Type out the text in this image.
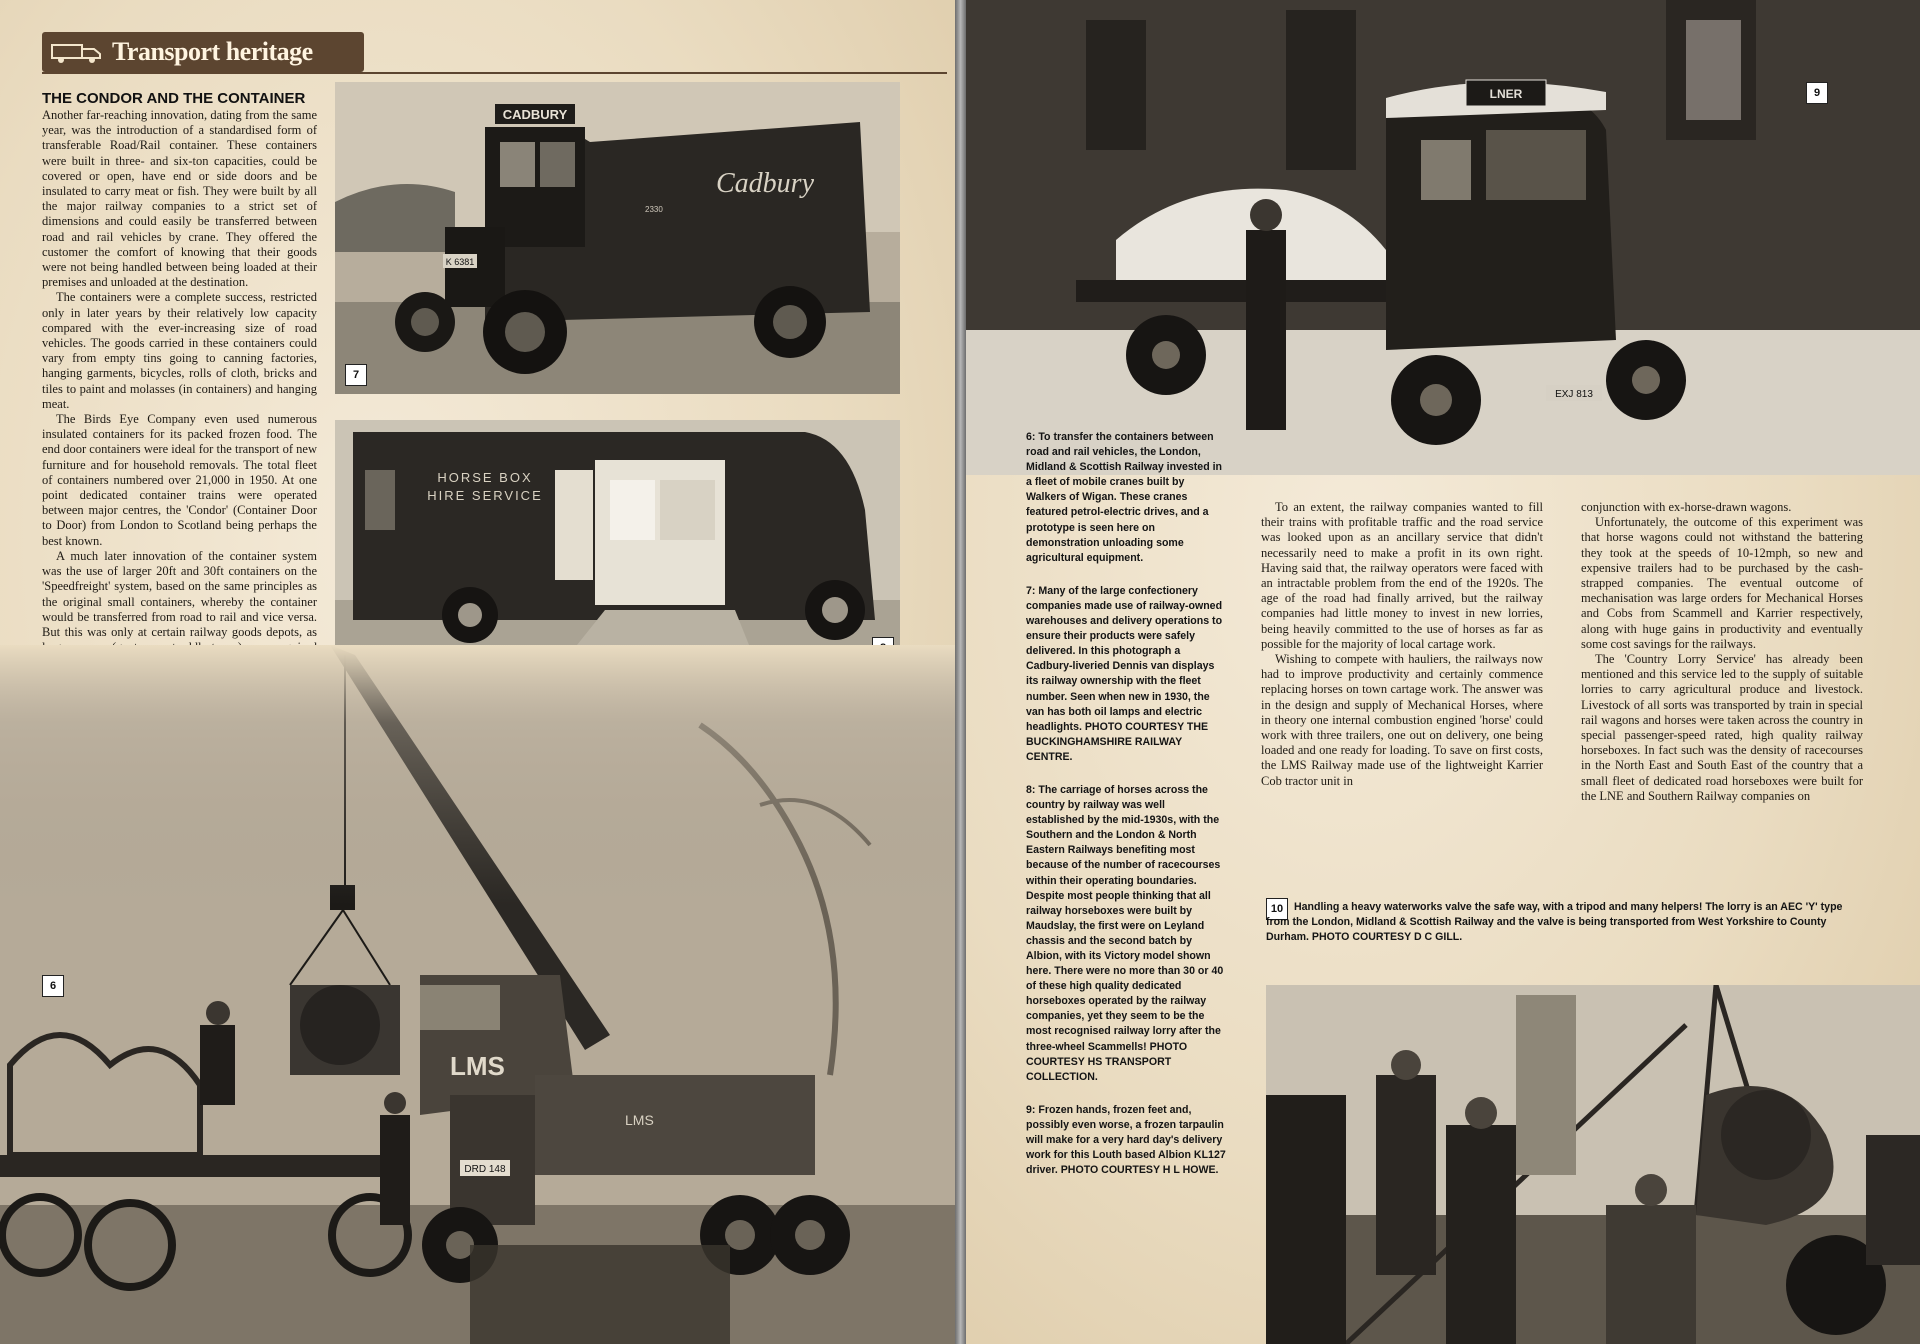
Transport heritage
THE CONDOR AND THE CONTAINER

Another far-reaching innovation, dating from the same year, was the introduction of a standardised form of transferable Road/Rail container. These containers were built in three- and six-ton capacities, could be covered or open, have end or side doors and be insulated to carry meat or fish. They were built by all the major railway companies to a strict set of dimensions and could easily be transferred between road and rail vehicles by crane. They offered the customer the comfort of knowing that their goods were not being handled between being loaded at their premises and unloaded at the destination.

The containers were a complete success, restricted only in later years by their relatively low capacity compared with the ever-increasing size of road vehicles. The goods carried in these containers could vary from empty tins going to canning factories, hanging garments, bicycles, rolls of cloth, bricks and tiles to paint and molasses (in containers) and hanging meat.

The Birds Eye Company even used numerous insulated containers for its packed frozen food. The end door containers were ideal for the transport of new furniture and for household removals. The total fleet of containers numbered over 21,000 in 1950. At one point dedicated container trains were operated between major centres, the 'Condor' (Container Door to Door) from London to Scotland being perhaps the best known.

A much later innovation of the container system was the use of larger 20ft and 30ft containers on the 'Speedfreight' system, based on the same principles as the original small containers, whereby the container would be transferred from road to rail and vice versa. But this was only at certain railway goods depots, as

CADBURY
Cadbury
2330
K 6381
7
HORSE BOX
HIRE SERVICE
LMS
DRD 148
LMS
6
LNER
EXJ 813
9

6: To transfer the containers between road and rail vehicles, the London, Midland & Scottish Railway invested in a fleet of mobile cranes built by Walkers of Wigan. These cranes featured petrol-electric drives, and a prototype is seen here on demonstration unloading some agricultural equipment.

7: Many of the large confectionery companies made use of railway-owned warehouses and delivery operations to ensure their products were safely delivered. In this photograph a Cadbury-liveried Dennis van displays its railway ownership with the fleet number. Seen when new in 1930, the van has both oil lamps and electric headlights. PHOTO COURTESY THE BUCKINGHAMSHIRE RAILWAY CENTRE.

8: The carriage of horses across the country by railway was well established by the mid-1930s, with the Southern and the London & North Eastern Railways benefiting most because of the number of racecourses within their operating boundaries. Despite most people thinking that all railway horseboxes were built by Maudslay, the first were on Leyland chassis and the second batch by Albion, with its Victory model shown here. There were no more than 30 or 40 of these high quality dedicated horseboxes operated by the railway companies, yet they seem to be the most recognised railway lorry after the three-wheel Scammells! PHOTO COURTESY HS TRANSPORT COLLECTION.

9: Frozen hands, frozen feet and, possibly even worse, a frozen tarpaulin will make for a very hard day's delivery work for this Louth based Albion KL127 driver. PHOTO COURTESY H L HOWE.

To an extent, the railway companies wanted to fill their trains with profitable traffic and the road service was looked upon as an ancillary service that didn't necessarily need to make a profit in its own right. Having said that, the railway operators were faced with an intractable problem from the end of the 1920s. The age of the road had finally arrived, but the railway companies had little money to invest in new lorries, being heavily committed to the use of horses as far as possible for the majority of local cartage work.

Wishing to compete with hauliers, the railways now had to improve productivity and certainly commence replacing horses on town cartage work. The answer was in the design and supply of Mechanical Horses, where in theory one internal combustion engined 'horse' could work with three trailers, one out on delivery, one being loaded and one ready for loading. To save on first costs, the LMS Railway made use of the lightweight Karrier Cob tractor unit in

conjunction with ex-horse-drawn wagons.

Unfortunately, the outcome of this experiment was that horse wagons could not withstand the battering they took at the speeds of 10-12mph, so new and expensive trailers had to be purchased by the cash-strapped companies. The eventual outcome of mechanisation was large orders for Mechanical Horses and Cobs from Scammell and Karrier respectively, along with huge gains in productivity and eventually some cost savings for the railways.

The 'Country Lorry Service' has already been mentioned and this service led to the supply of suitable lorries to carry agricultural produce and livestock. Livestock of all sorts was transported by train in special rail wagons and horses were taken across the country in special passenger-speed rated, high quality railway horseboxes. In fact such was the density of racecourses in the North East and South East of the country that a small fleet of dedicated road horseboxes were built for the LNE and Southern Railway companies on

10	Handling a heavy waterworks valve the safe way, with a tripod and many helpers! The lorry is an AEC 'Y' type from the London, Midland & Scottish Railway and the valve is being transported from West Yorkshire to County Durham. PHOTO COURTESY D C GILL.
